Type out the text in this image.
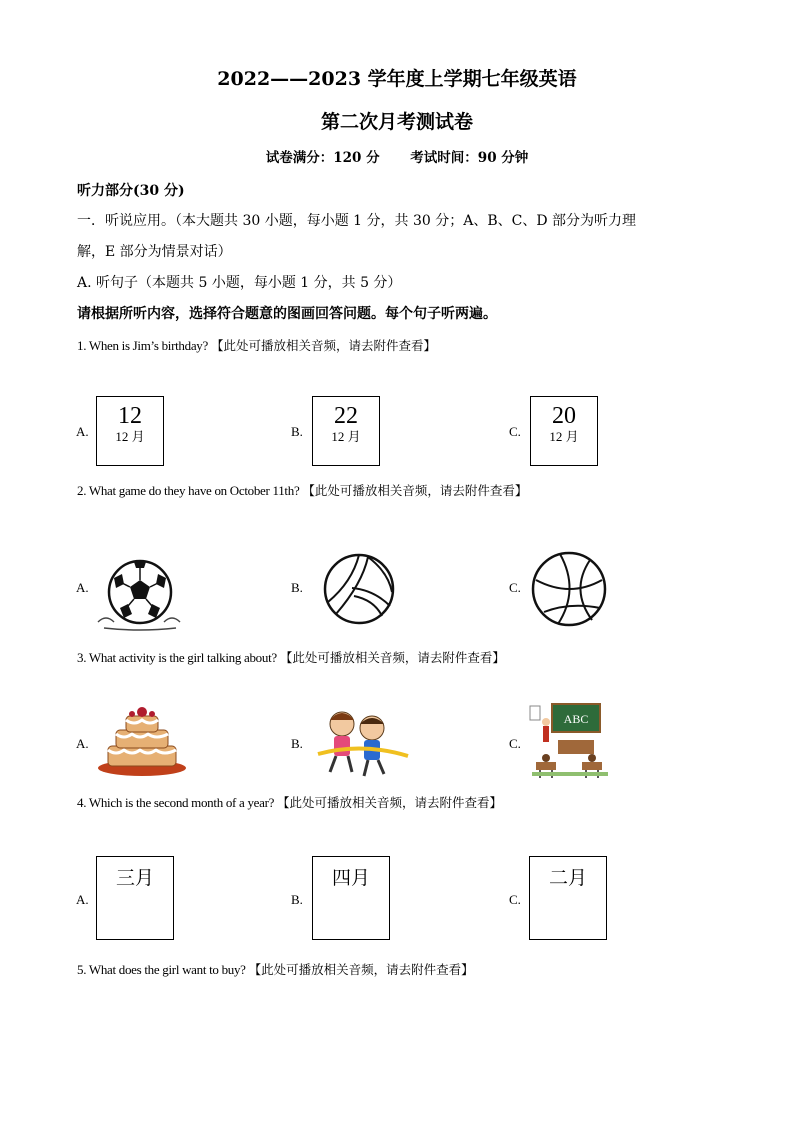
2022——2023 学年度上学期七年级英语
第二次月考测试卷
试卷满分：120 分 考试时间：90 分钟
听力部分(30 分)
一．听说应用。（本大题共 30 小题，每小题 1 分，共 30 分；A、B、C、D 部分为听力理
解，E 部分为情景对话）
A. 听句子（本题共 5 小题，每小题 1 分，共 5 分）
请根据所听内容，选择符合题意的图画回答问题。每个句子听两遍。
1. When is Jim’s birthday? 【此处可播放相关音频，请去附件查看】
A.
12
12 月	B.
22
12 月	C.
20
12 月
2. What game do they have on October 11th? 【此处可播放相关音频，请去附件查看】
A.	B.	C.
3. What activity is the girl talking about? 【此处可播放相关音频，请去附件查看】
A.	B.	C.
ABC
4. Which is the second month of a year? 【此处可播放相关音频，请去附件查看】
A.
三月
B.
四月
C.
二月
5. What does the girl want to buy? 【此处可播放相关音频，请去附件查看】
